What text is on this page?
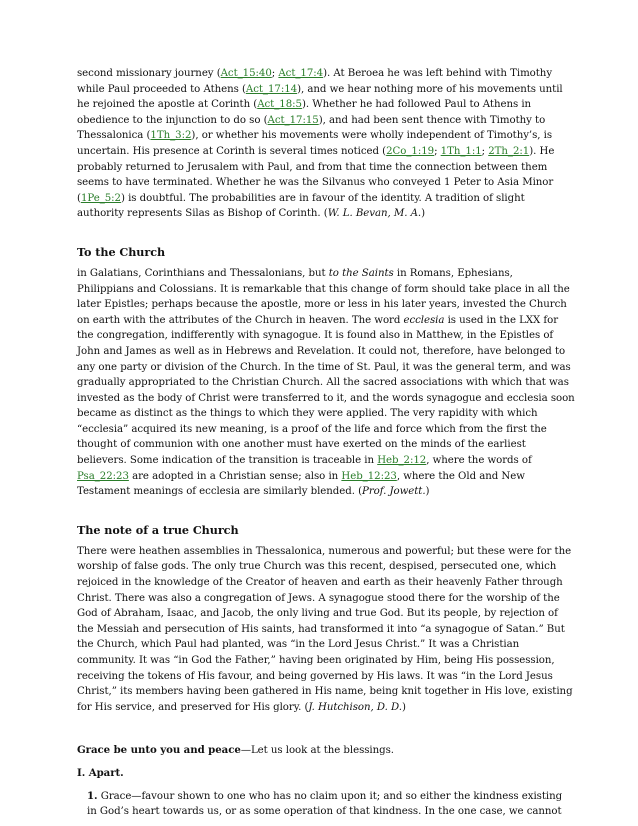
second missionary journey (Act_15:40; Act_17:4). At Beroea he was left behind with Timothy
while Paul proceeded to Athens (Act_17:14), and we hear nothing more of his movements until
he rejoined the apostle at Corinth (Act_18:5). Whether he had followed Paul to Athens in
obedience to the injunction to do so (Act_17:15), and had been sent thence with Timothy to
Thessalonica (1Th_3:2), or whether his movements were wholly independent of Timothy’s, is
uncertain. His presence at Corinth is several times noticed (2Co_1:19; 1Th_1:1; 2Th_2:1). He
probably returned to Jerusalem with Paul, and from that time the connection between them
seems to have terminated. Whether he was the Silvanus who conveyed 1 Peter to Asia Minor
(1Pe_5:2) is doubtful. The probabilities are in favour of the identity. A tradition of slight
authority represents Silas as Bishop of Corinth. (W. L. Bevan, M. A.)
To the Church
in Galatians, Corinthians and Thessalonians, but to the Saints in Romans, Ephesians,
Philippians and Colossians. It is remarkable that this change of form should take place in all the
later Epistles; perhaps because the apostle, more or less in his later years, invested the Church
on earth with the attributes of the Church in heaven. The word ecclesia is used in the LXX for
the congregation, indifferently with synagogue. It is found also in Matthew, in the Epistles of
John and James as well as in Hebrews and Revelation. It could not, therefore, have belonged to
any one party or division of the Church. In the time of St. Paul, it was the general term, and was
gradually appropriated to the Christian Church. All the sacred associations with which that was
invested as the body of Christ were transferred to it, and the words synagogue and ecclesia soon
became as distinct as the things to which they were applied. The very rapidity with which
“ecclesia” acquired its new meaning, is a proof of the life and force which from the first the
thought of communion with one another must have exerted on the minds of the earliest
believers. Some indication of the transition is traceable in Heb_2:12, where the words of
Psa_22:23 are adopted in a Christian sense; also in Heb_12:23, where the Old and New
Testament meanings of ecclesia are similarly blended. (Prof. Jowett.)
The note of a true Church
There were heathen assemblies in Thessalonica, numerous and powerful; but these were for the
worship of false gods. The only true Church was this recent, despised, persecuted one, which
rejoiced in the knowledge of the Creator of heaven and earth as their heavenly Father through
Christ. There was also a congregation of Jews. A synagogue stood there for the worship of the
God of Abraham, Isaac, and Jacob, the only living and true God. But its people, by rejection of
the Messiah and persecution of His saints, had transformed it into “a synagogue of Satan.” But
the Church, which Paul had planted, was “in the Lord Jesus Christ.” It was a Christian
community. It was “in God the Father,” having been originated by Him, being His possession,
receiving the tokens of His favour, and being governed by His laws. It was “in the Lord Jesus
Christ,” its members having been gathered in His name, being knit together in His love, existing
for His service, and preserved for His glory. (J. Hutchison, D. D.)
Grace be unto you and peace—Let us look at the blessings.
I. Apart.
1. Grace—favour shown to one who has no claim upon it; and so either the kindness existing
in God’s heart towards us, or as some operation of that kindness. In the one case, we cannot
